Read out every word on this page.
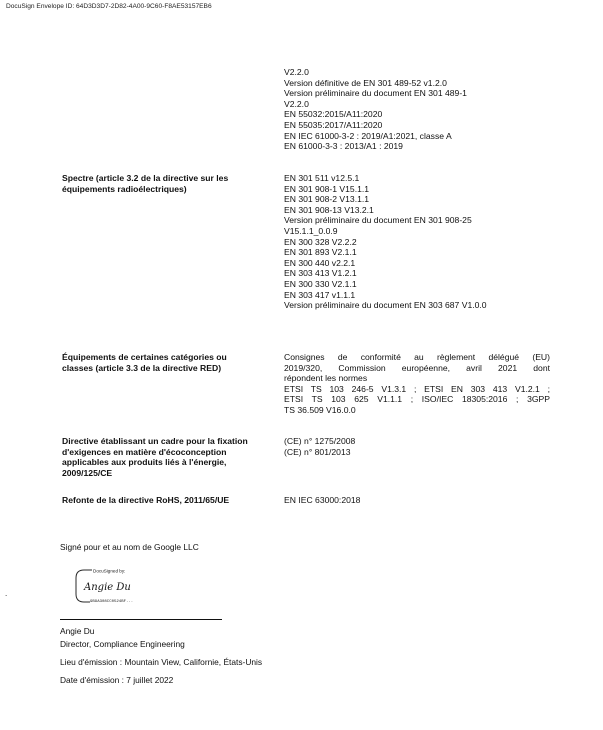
DocuSign Envelope ID: 64D3D3D7-2D82-4A00-9C60-F8AE53157EB6
V2.2.0
Version définitive de EN 301 489-52 v1.2.0
Version préliminaire du document EN 301 489-1
V2.2.0
EN 55032:2015/A11:2020
EN 55035:2017/A11:2020
EN IEC 61000-3-2 : 2019/A1:2021, classe A
EN 61000-3-3 : 2013/A1 : 2019
Spectre (article 3.2 de la directive sur les
équipements radioélectriques)
EN 301 511 v12.5.1
EN 301 908-1 V15.1.1
EN 301 908-2 V13.1.1
EN 301 908-13 V13.2.1
Version préliminaire du document EN 301 908-25
V15.1.1_0.0.9
EN 300 328 V2.2.2
EN 301 893 V2.1.1
EN 300 440 v2.2.1
EN 303 413 V1.2.1
EN 300 330 V2.1.1
EN 303 417 v1.1.1
Version préliminaire du document EN 303 687 V1.0.0
Équipements de certaines catégories ou
classes (article 3.3 de la directive RED)
Consignes de conformité au règlement délégué (EU)
2019/320, Commission européenne, avril 2021 dont
répondent les normes
ETSI TS 103 246-5 V1.3.1 ; ETSI EN 303 413 V1.2.1 ;
ETSI TS 103 625 V1.1.1 ; ISO/IEC 18305:2016 ; 3GPP
TS 36.509 V16.0.0
Directive établissant un cadre pour la fixation
d'exigences en matière d'écoconception
applicables aux produits liés à l'énergie,
2009/125/CE
(CE) n° 1275/2008
(CE) n° 801/2013
Refonte de la directive RoHS, 2011/65/UE	EN IEC 63000:2018
Signé pour et au nom de Google LLC
.
DocuSigned by:
9B9A308CC0524BF...
Angie Du
Angie Du
Director, Compliance Engineering
Lieu d'émission : Mountain View, Californie, États-Unis
Date d'émission : 7 juillet 2022
